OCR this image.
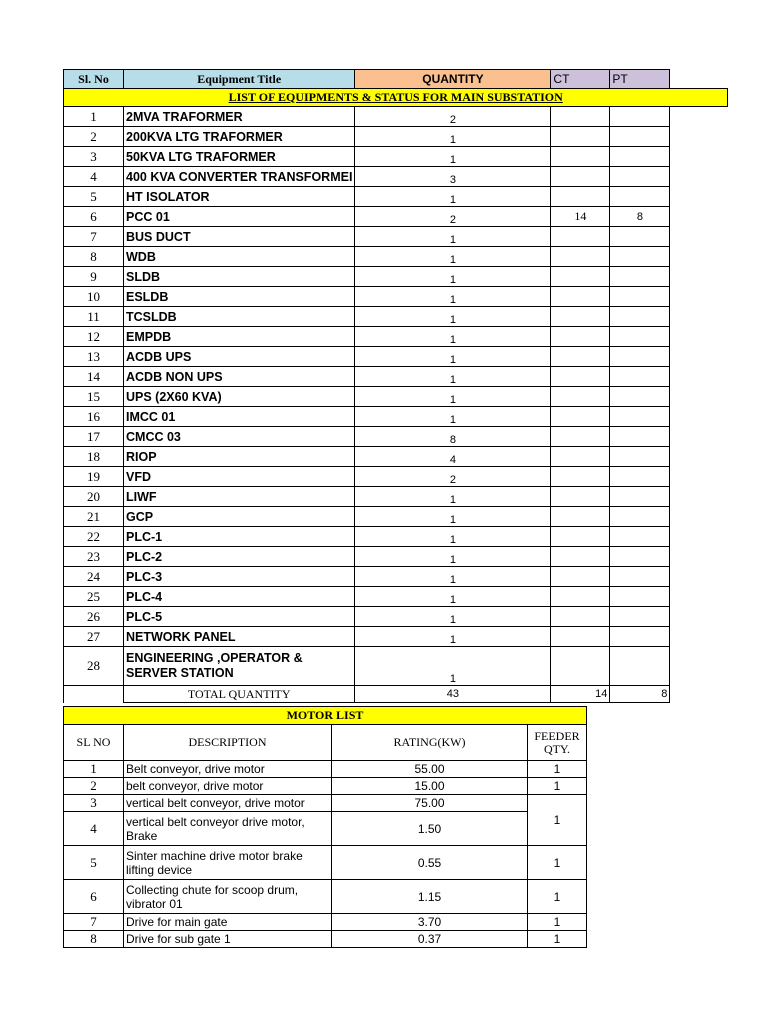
Sl. No	Equipment Title	QUANTITY	CT	PT	
LIST OF EQUIPMENTS & STATUS FOR MAIN SUBSTATION					
1	2MVA TRAFORMER	2			
2	200KVA LTG TRAFORMER	1			
3	50KVA LTG TRAFORMER	1			
4	400 KVA CONVERTER TRANSFORMEI	3			
5	HT ISOLATOR	1			
6	PCC 01	2	14	8	
7	BUS DUCT	1			
8	WDB	1			
9	SLDB	1			
10	ESLDB	1			
11	TCSLDB	1			
12	EMPDB	1			
13	ACDB UPS	1			
14	ACDB NON UPS	1			
15	UPS (2X60 KVA)	1			
16	IMCC 01	1			
17	CMCC 03	8			
18	RIOP	4			
19	VFD	2			
20	LIWF	1			
21	GCP	1			
22	PLC-1	1			
23	PLC-2	1			
24	PLC-3	1			
25	PLC-4	1			
26	PLC-5	1			
27	NETWORK PANEL	1			
28	ENGINEERING ,OPERATOR & SERVER STATION	1			
	TOTAL QUANTITY	43	14	8	
MOTOR LIST			
SL NO	DESCRIPTION	RATING(KW)	FEEDER QTY.
1	Belt conveyor, drive motor	55.00	1
2	belt conveyor, drive motor	15.00	1
3	vertical belt conveyor, drive motor	75.00	1
4	vertical belt conveyor drive motor, Brake	1.50	
5	Sinter machine drive motor brake lifting device	0.55	1
6	Collecting chute for scoop drum, vibrator 01	1.15	1
7	Drive for main gate	3.70	1
8	Drive for sub gate 1	0.37	1
